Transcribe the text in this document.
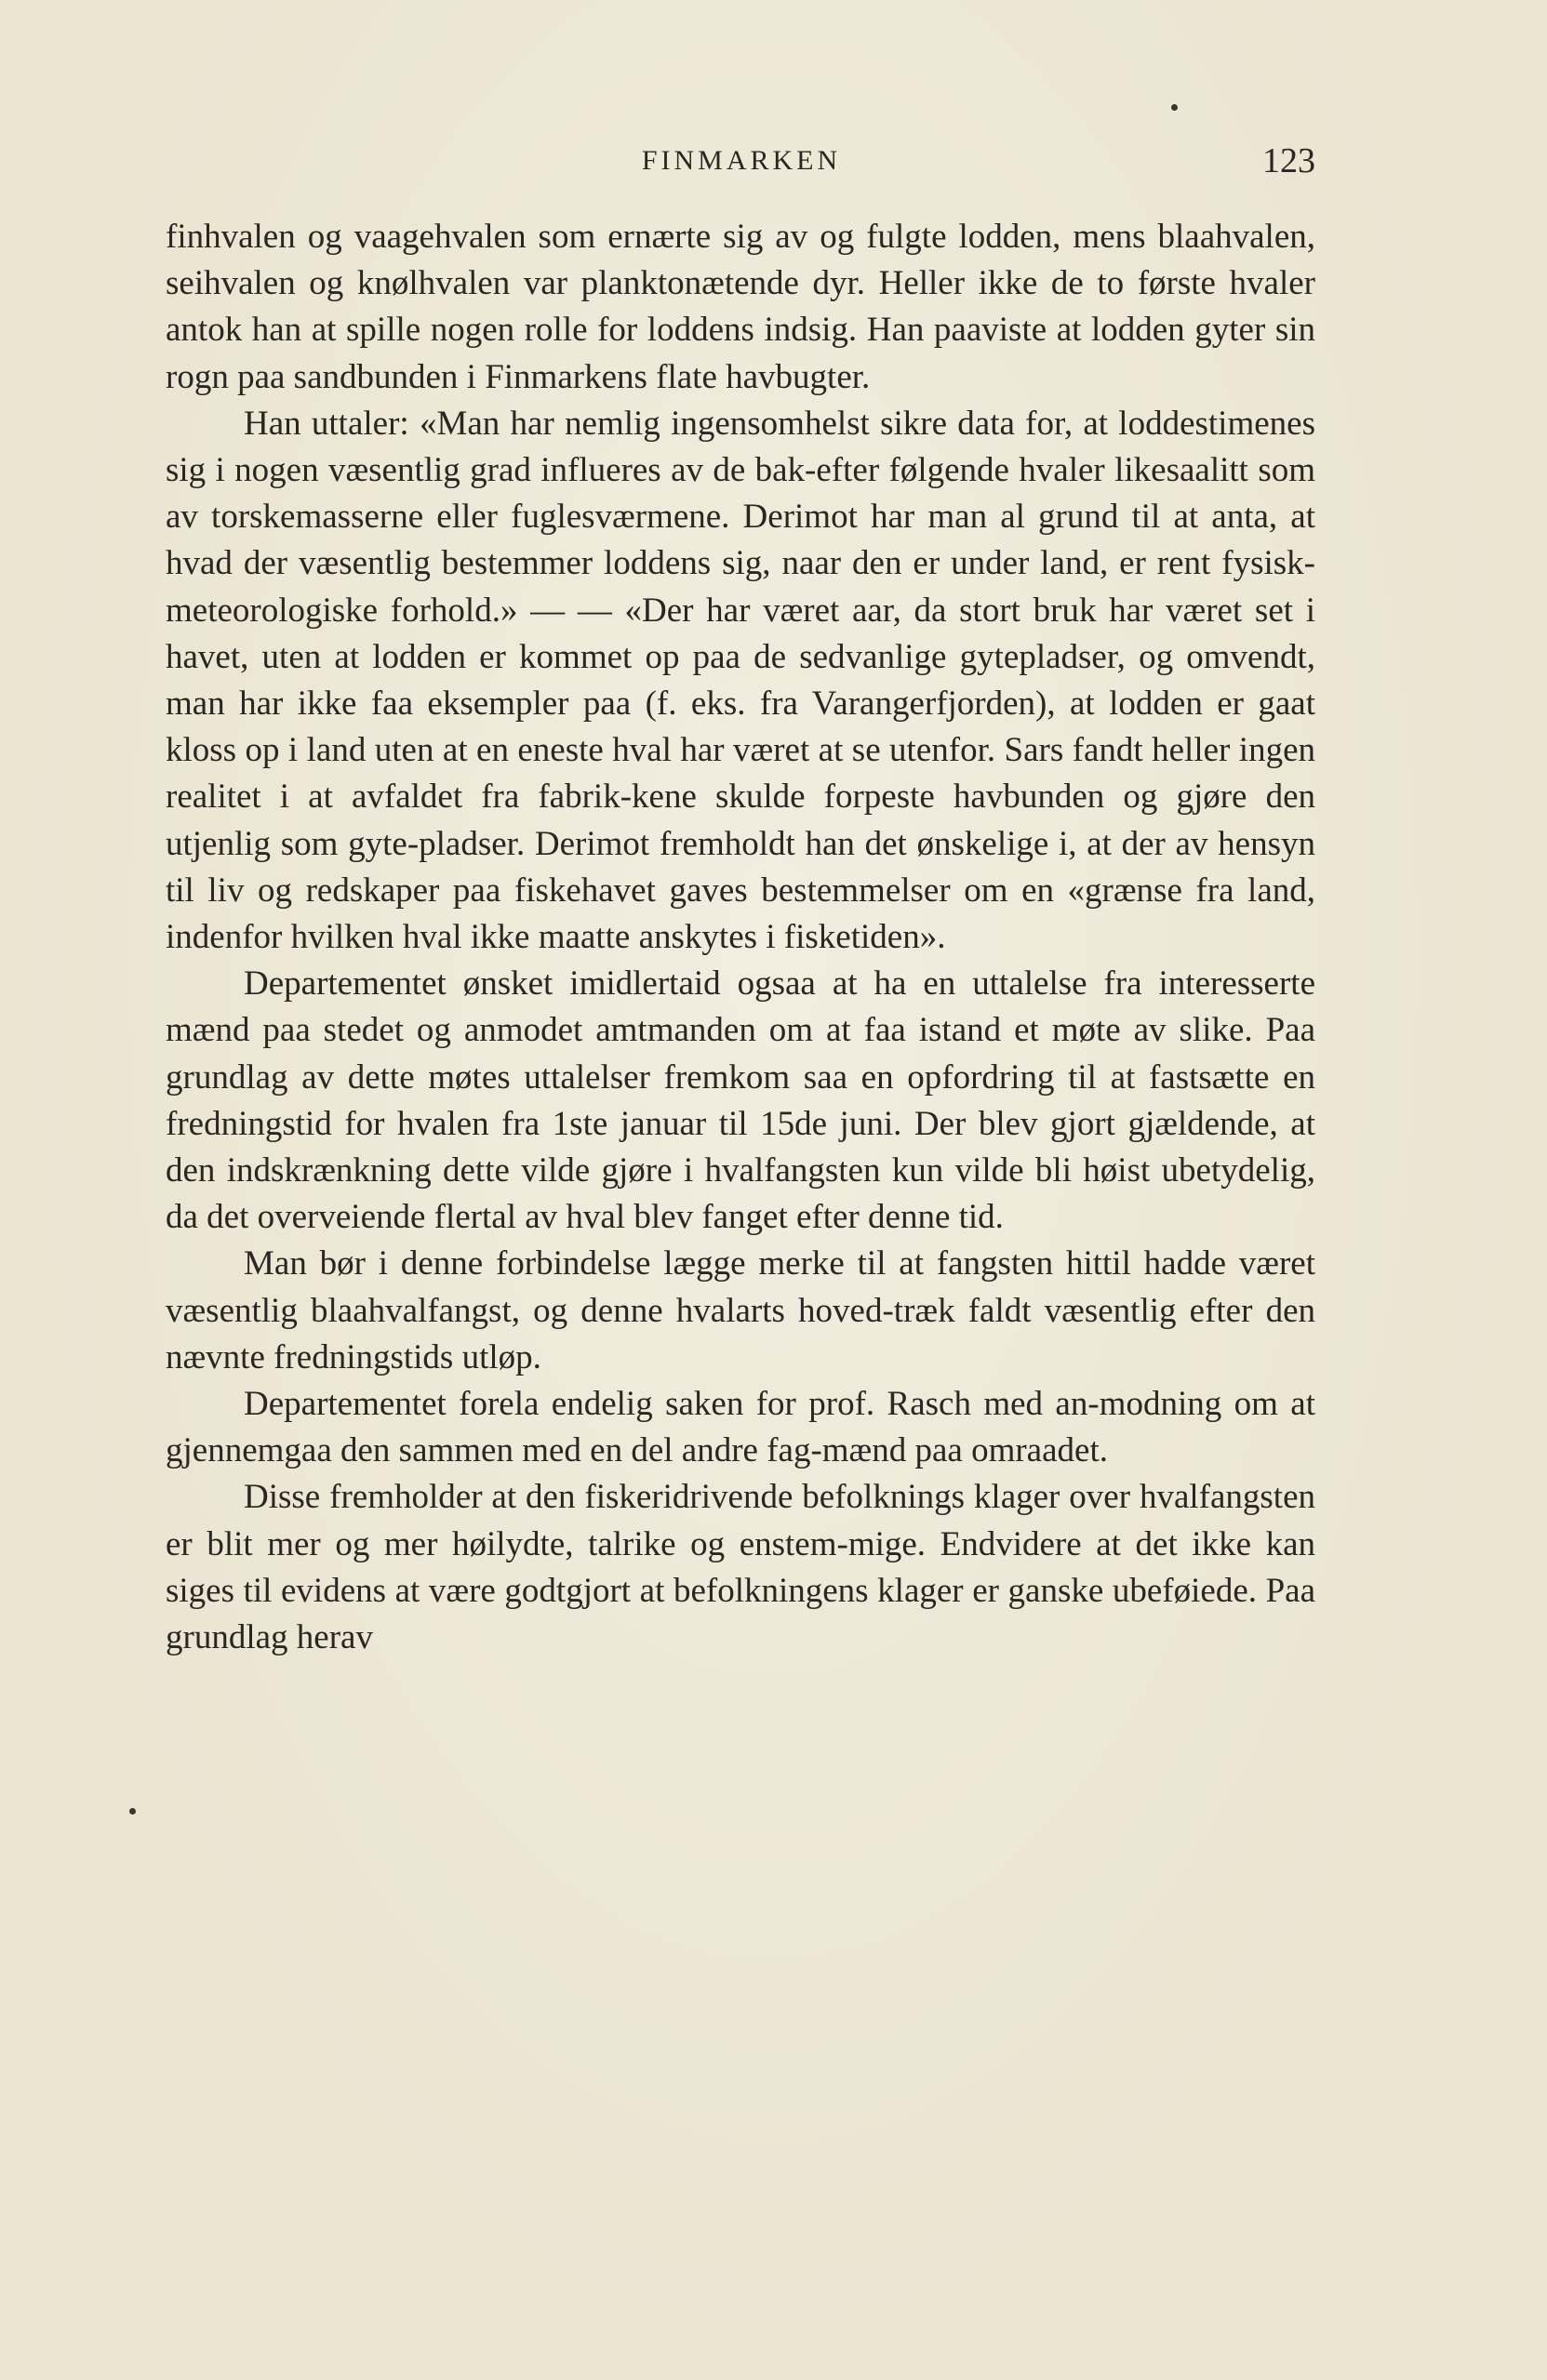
FINMARKEN	123

finhvalen og vaagehvalen som ernærte sig av og fulgte lodden, mens blaahvalen, seihvalen og knølhvalen var planktonætende dyr. Heller ikke de to første hvaler antok han at spille nogen rolle for loddens indsig. Han paaviste at lodden gyter sin rogn paa sandbunden i Finmarkens flate havbugter.

Han uttaler: «Man har nemlig ingensomhelst sikre data for, at loddestimenes sig i nogen væsentlig grad influeres av de bak-efter følgende hvaler likesaalitt som av torskemasserne eller fuglesværmene. Derimot har man al grund til at anta, at hvad der væsentlig bestemmer loddens sig, naar den er under land, er rent fysisk-meteorologiske forhold.» — — «Der har været aar, da stort bruk har været set i havet, uten at lodden er kommet op paa de sedvanlige gytepladser, og omvendt, man har ikke faa eksempler paa (f. eks. fra Varangerfjorden), at lodden er gaat kloss op i land uten at en eneste hval har været at se utenfor. Sars fandt heller ingen realitet i at avfaldet fra fabrik-kene skulde forpeste havbunden og gjøre den utjenlig som gyte-pladser. Derimot fremholdt han det ønskelige i, at der av hensyn til liv og redskaper paa fiskehavet gaves bestemmelser om en «grænse fra land, indenfor hvilken hval ikke maatte anskytes i fisketiden».

Departementet ønsket imidlertaid ogsaa at ha en uttalelse fra interesserte mænd paa stedet og anmodet amtmanden om at faa istand et møte av slike. Paa grundlag av dette møtes uttalelser fremkom saa en opfordring til at fastsætte en fredningstid for hvalen fra 1ste januar til 15de juni. Der blev gjort gjældende, at den indskrænkning dette vilde gjøre i hvalfangsten kun vilde bli høist ubetydelig, da det overveiende flertal av hval blev fanget efter denne tid.

Man bør i denne forbindelse lægge merke til at fangsten hittil hadde været væsentlig blaahvalfangst, og denne hvalarts hoved-træk faldt væsentlig efter den nævnte fredningstids utløp.

Departementet forela endelig saken for prof. Rasch med an-modning om at gjennemgaa den sammen med en del andre fag-mænd paa omraadet.

Disse fremholder at den fiskeridrivende befolknings klager over hvalfangsten er blit mer og mer høilydte, talrike og enstem-mige. Endvidere at det ikke kan siges til evidens at være godtgjort at befolkningens klager er ganske ubeføiede. Paa grundlag herav
